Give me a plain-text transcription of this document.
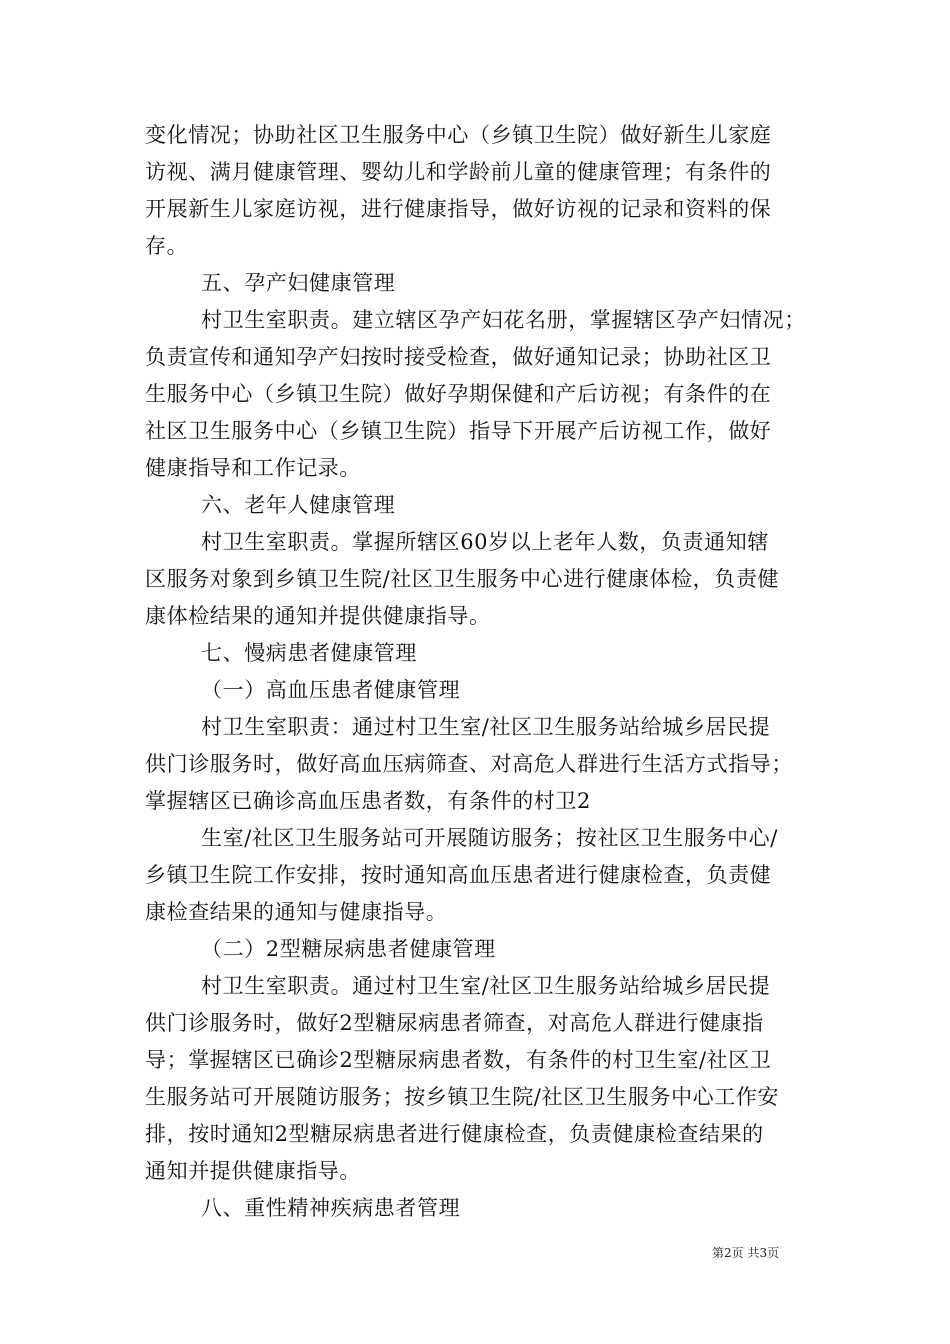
变化情况；协助社区卫生服务中心（乡镇卫生院）做好新生儿家庭
访视、满月健康管理、婴幼儿和学龄前儿童的健康管理；有条件的
开展新生儿家庭访视，进行健康指导，做好访视的记录和资料的保
存。
五、孕产妇健康管理
村卫生室职责。建立辖区孕产妇花名册，掌握辖区孕产妇情况；
负责宣传和通知孕产妇按时接受检查，做好通知记录；协助社区卫
生服务中心（乡镇卫生院）做好孕期保健和产后访视；有条件的在
社区卫生服务中心（乡镇卫生院）指导下开展产后访视工作，做好
健康指导和工作记录。
六、老年人健康管理
村卫生室职责。掌握所辖区60岁以上老年人数，负责通知辖
区服务对象到乡镇卫生院/社区卫生服务中心进行健康体检，负责健
康体检结果的通知并提供健康指导。
七、慢病患者健康管理
（一）高血压患者健康管理
村卫生室职责：通过村卫生室/社区卫生服务站给城乡居民提
供门诊服务时，做好高血压病筛查、对高危人群进行生活方式指导；
掌握辖区已确诊高血压患者数，有条件的村卫2
生室/社区卫生服务站可开展随访服务；按社区卫生服务中心/
乡镇卫生院工作安排，按时通知高血压患者进行健康检查，负责健
康检查结果的通知与健康指导。
（二）2型糖尿病患者健康管理
村卫生室职责。通过村卫生室/社区卫生服务站给城乡居民提
供门诊服务时，做好2型糖尿病患者筛查，对高危人群进行健康指
导；掌握辖区已确诊2型糖尿病患者数，有条件的村卫生室/社区卫
生服务站可开展随访服务；按乡镇卫生院/社区卫生服务中心工作安
排，按时通知2型糖尿病患者进行健康检查，负责健康检查结果的
通知并提供健康指导。
八、重性精神疾病患者管理
第2页 共3页
